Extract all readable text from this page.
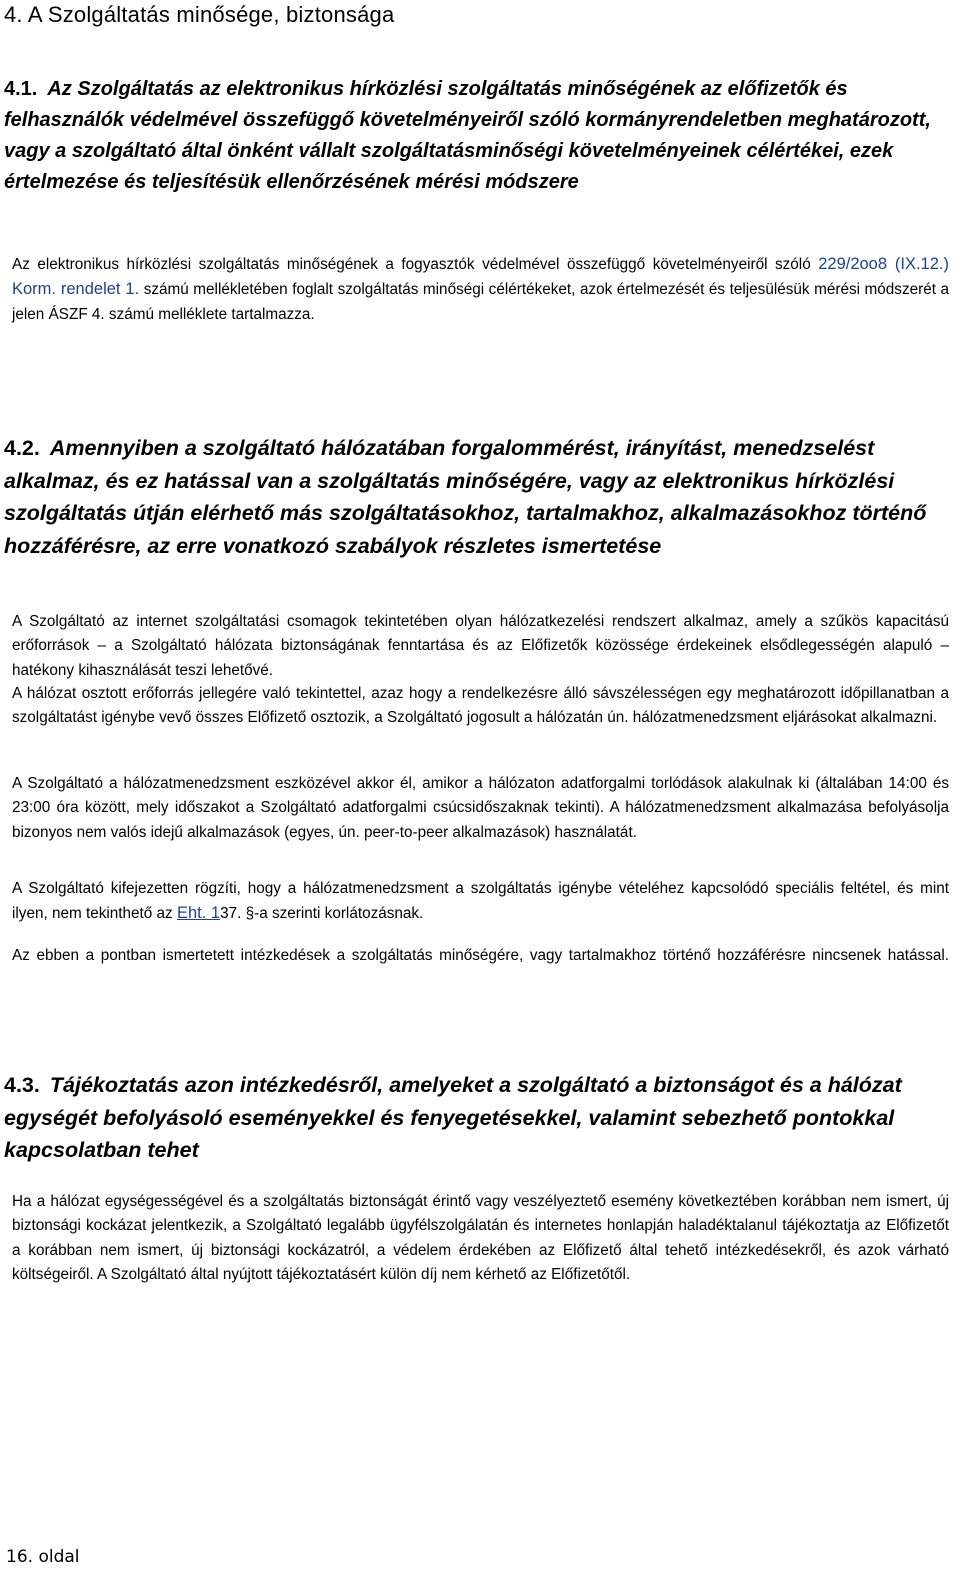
4. A Szolgáltatás minősége, biztonsága
4.1. Az Szolgáltatás az elektronikus hírközlési szolgáltatás minőségének az előfizetők és felhasználók védelmével összefüggő követelményeiről szóló kormányrendeletben meghatározott, vagy a szolgáltató által önként vállalt szolgáltatásminőségi követelményeinek célértékei, ezek értelmezése és teljesítésük ellenőrzésének mérési módszere

Az elektronikus hírközlési szolgáltatás minőségének a fogyasztók védelmével összefüggő követelményeiről szóló 229/2oo8 (IX.12.) Korm. rendelet 1. számú mellékletében foglalt szolgáltatás minőségi célértékeket, azok értelmezését és teljesülésük mérési módszerét a jelen ÁSZF 4. számú melléklete tartalmazza.

4.2. Amennyiben a szolgáltató hálózatában forgalommérést, irányítást, menedzselést alkalmaz, és ez hatással van a szolgáltatás minőségére, vagy az elektronikus hírközlési szolgáltatás útján elérhető más szolgáltatásokhoz, tartalmakhoz, alkalmazásokhoz történő hozzáférésre, az erre vonatkozó szabályok részletes ismertetése

A Szolgáltató az internet szolgáltatási csomagok tekintetében olyan hálózatkezelési rendszert alkalmaz, amely a szűkös kapacitású erőforrások – a Szolgáltató hálózata biztonságának fenntartása és az Előfizetők közössége érdekeinek elsődlegességén alapuló – hatékony kihasználását teszi lehetővé.

A hálózat osztott erőforrás jellegére való tekintettel, azaz hogy a rendelkezésre álló sávszélességen egy meghatározott időpillanatban a szolgáltatást igénybe vevő összes Előfizető osztozik, a Szolgáltató jogosult a hálózatán ún. hálózatmenedzsment eljárásokat alkalmazni.

A Szolgáltató a hálózatmenedzsment eszközével akkor él, amikor a hálózaton adatforgalmi torlódások alakulnak ki (általában 14:00 és 23:00 óra között, mely időszakot a Szolgáltató adatforgalmi csúcsidőszaknak tekinti). A hálózatmenedzsment alkalmazása befolyásolja bizonyos nem valós idejű alkalmazások (egyes, ún. peer-to-peer alkalmazások) használatát.

A Szolgáltató kifejezetten rögzíti, hogy a hálózatmenedzsment a szolgáltatás igénybe vételéhez kapcsolódó speciális feltétel, és mint ilyen, nem tekinthető az Eht. 137. §-a szerinti korlátozásnak.

Az ebben a pontban ismertetett intézkedések a szolgáltatás minőségére, vagy tartalmakhoz történő hozzáférésre nincsenek hatással.

4.3. Tájékoztatás azon intézkedésről, amelyeket a szolgáltató a biztonságot és a hálózat egységét befolyásoló eseményekkel és fenyegetésekkel, valamint sebezhető pontokkal kapcsolatban tehet

Ha a hálózat egységességével és a szolgáltatás biztonságát érintő vagy veszélyeztető esemény következtében korábban nem ismert, új biztonsági kockázat jelentkezik, a Szolgáltató legalább ügyfélszolgálatán és internetes honlapján haladéktalanul tájékoztatja az Előfizetőt a korábban nem ismert, új biztonsági kockázatról, a védelem érdekében az Előfizető által tehető intézkedésekről, és azok várható költségeiről. A Szolgáltató által nyújtott tájékoztatásért külön díj nem kérhető az Előfizetőtől.

16. oldal
